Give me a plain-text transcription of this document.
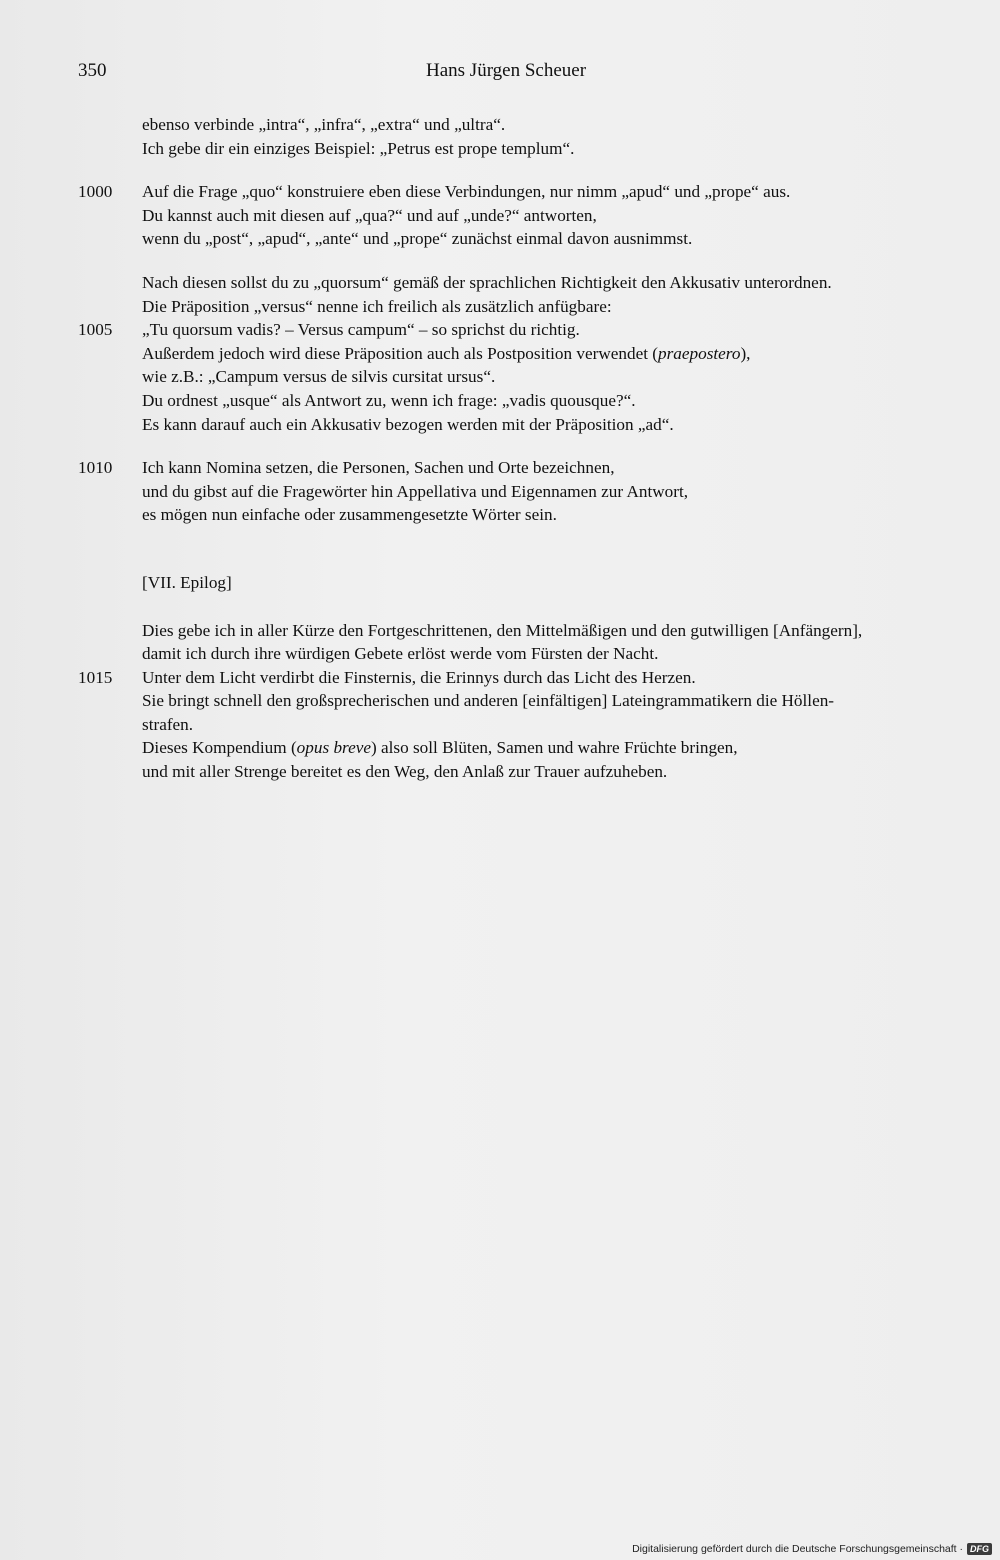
350	Hans Jürgen Scheuer
ebenso verbinde „intra“, „infra“, „extra“ und „ultra“.
Ich gebe dir ein einziges Beispiel: „Petrus est prope templum“.
1000 Auf die Frage „quo“ konstruiere eben diese Verbindungen, nur nimm „apud“ und „prope“ aus.
Du kannst auch mit diesen auf „qua?“ und auf „unde?“ antworten,
wenn du „post“, „apud“, „ante“ und „prope“ zunächst einmal davon ausnimmst.
Nach diesen sollst du zu „quorsum“ gemäß der sprachlichen Richtigkeit den Akkusativ unterordnen.
Die Präposition „versus“ nenne ich freilich als zusätzlich anfügbare:
1005 „Tu quorsum vadis? – Versus campum“ – so sprichst du richtig.
Außerdem jedoch wird diese Präposition auch als Postposition verwendet (praepostero),
wie z.B.: „Campum versus de silvis cursitat ursus“.
Du ordnest „usque“ als Antwort zu, wenn ich frage: „vadis quousque?“.
Es kann darauf auch ein Akkusativ bezogen werden mit der Präposition „ad“.
1010 Ich kann Nomina setzen, die Personen, Sachen und Orte bezeichnen,
und du gibst auf die Fragewörter hin Appellativa und Eigennamen zur Antwort,
es mögen nun einfache oder zusammengesetzte Wörter sein.
[VII. Epilog]
Dies gebe ich in aller Kürze den Fortgeschrittenen, den Mittelmäßigen und den gutwilligen [Anfängern],
damit ich durch ihre würdigen Gebete erlöst werde vom Fürsten der Nacht.
1015 Unter dem Licht verdirbt die Finsternis, die Erinnys durch das Licht des Herzen.
Sie bringt schnell den großsprecherischen und anderen [einfältigen] Lateingrammatikern die Höllen-
strafen.
Dieses Kompendium (opus breve) also soll Blüten, Samen und wahre Früchte bringen,
und mit aller Strenge bereitet es den Weg, den Anlaß zur Trauer aufzuheben.
Digitalisierung gefördert durch die Deutsche Forschungsgemeinschaft · DFG
